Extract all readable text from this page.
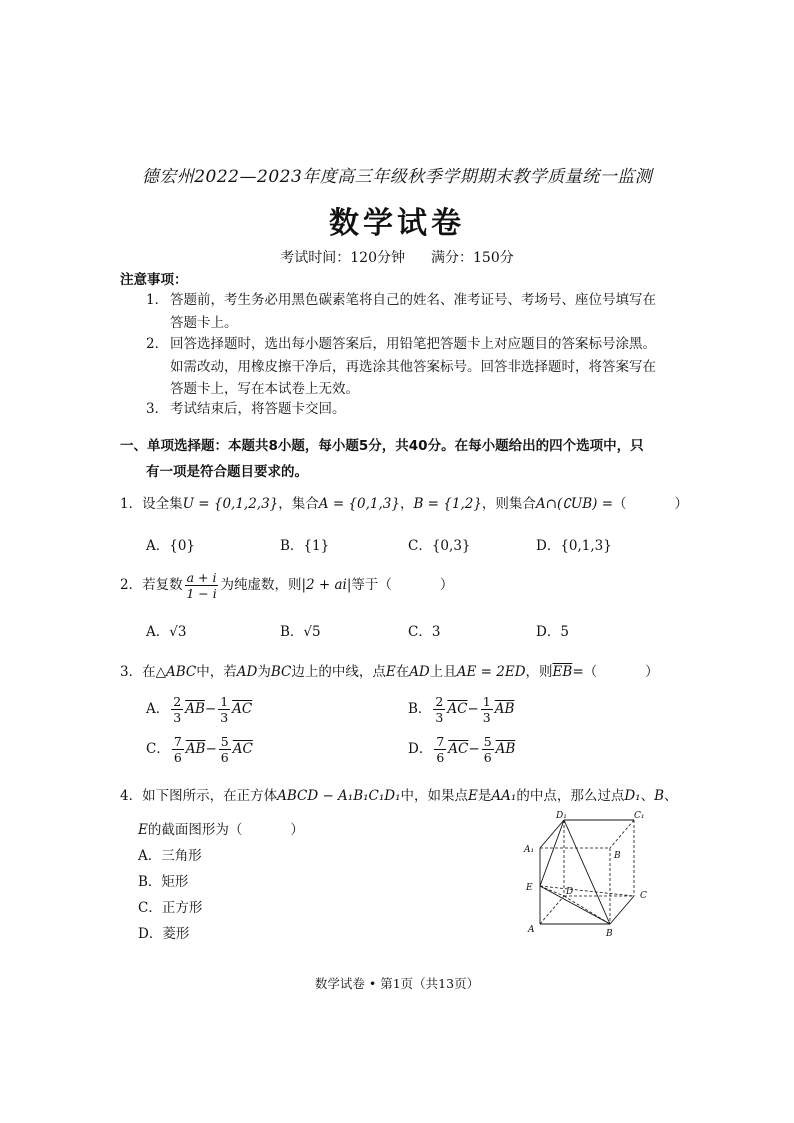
德宏州2022—2023年度高三年级秋季学期期末教学质量统一监测
数学试卷
考试时间：120分钟 满分：150分
注意事项：
1． 答题前，考生务必用黑色碳素笔将自己的姓名、准考证号、考场号、座位号填写在
答题卡上。
2． 回答选择题时，选出每小题答案后，用铅笔把答题卡上对应题目的答案标号涂黑。
如需改动，用橡皮擦干净后，再选涂其他答案标号。回答非选择题时，将答案写在
答题卡上，写在本试卷上无效。
3． 考试结束后，将答题卡交回。
一、单项选择题：本题共8小题，每小题5分，共40分。在每小题给出的四个选项中，只
有一项是符合题目要求的。
1．设全集U = {0,1,2,3}，集合A = {0,1,3}，B = {1,2}，则集合A∩(∁UB) =（	）
A．{0}	B．{1}	C．{0,3}	D．{0,1,3}
2．若复数 $\frac{a + i}{1 - i}$ 为纯虚数，则|2 + ai|等于（	）
A．√3	B．√5	C．3	D．5
3．在△ABC中，若AD为BC边上的中线，点E在AD上且AE = 2ED，则$\overline{EB}=$（	）
A． $\frac{2}{3} \overline{AB}- \frac{1}{3} \overline{AC}$	B． $\frac{2}{3} \overline{AC}- \frac{1}{3} \overline{AB}$
C． $\frac{7}{6} \overline{AB}- \frac{5}{6} \overline{AC}$	D． $\frac{7}{6} \overline{AC}- \frac{5}{6} \overline{AB}$
4．如下图所示，在正方体ABCD − A₁B₁C₁D₁中，如果点E是AA₁的中点，那么过点D₁、B、
E的截面图形为（	）
A．三角形
B．矩形
C．正方形
D．菱形
D₁	C₁
A₁
B
E	D	C
A	B
数学试卷 • 第1页（共13页）
